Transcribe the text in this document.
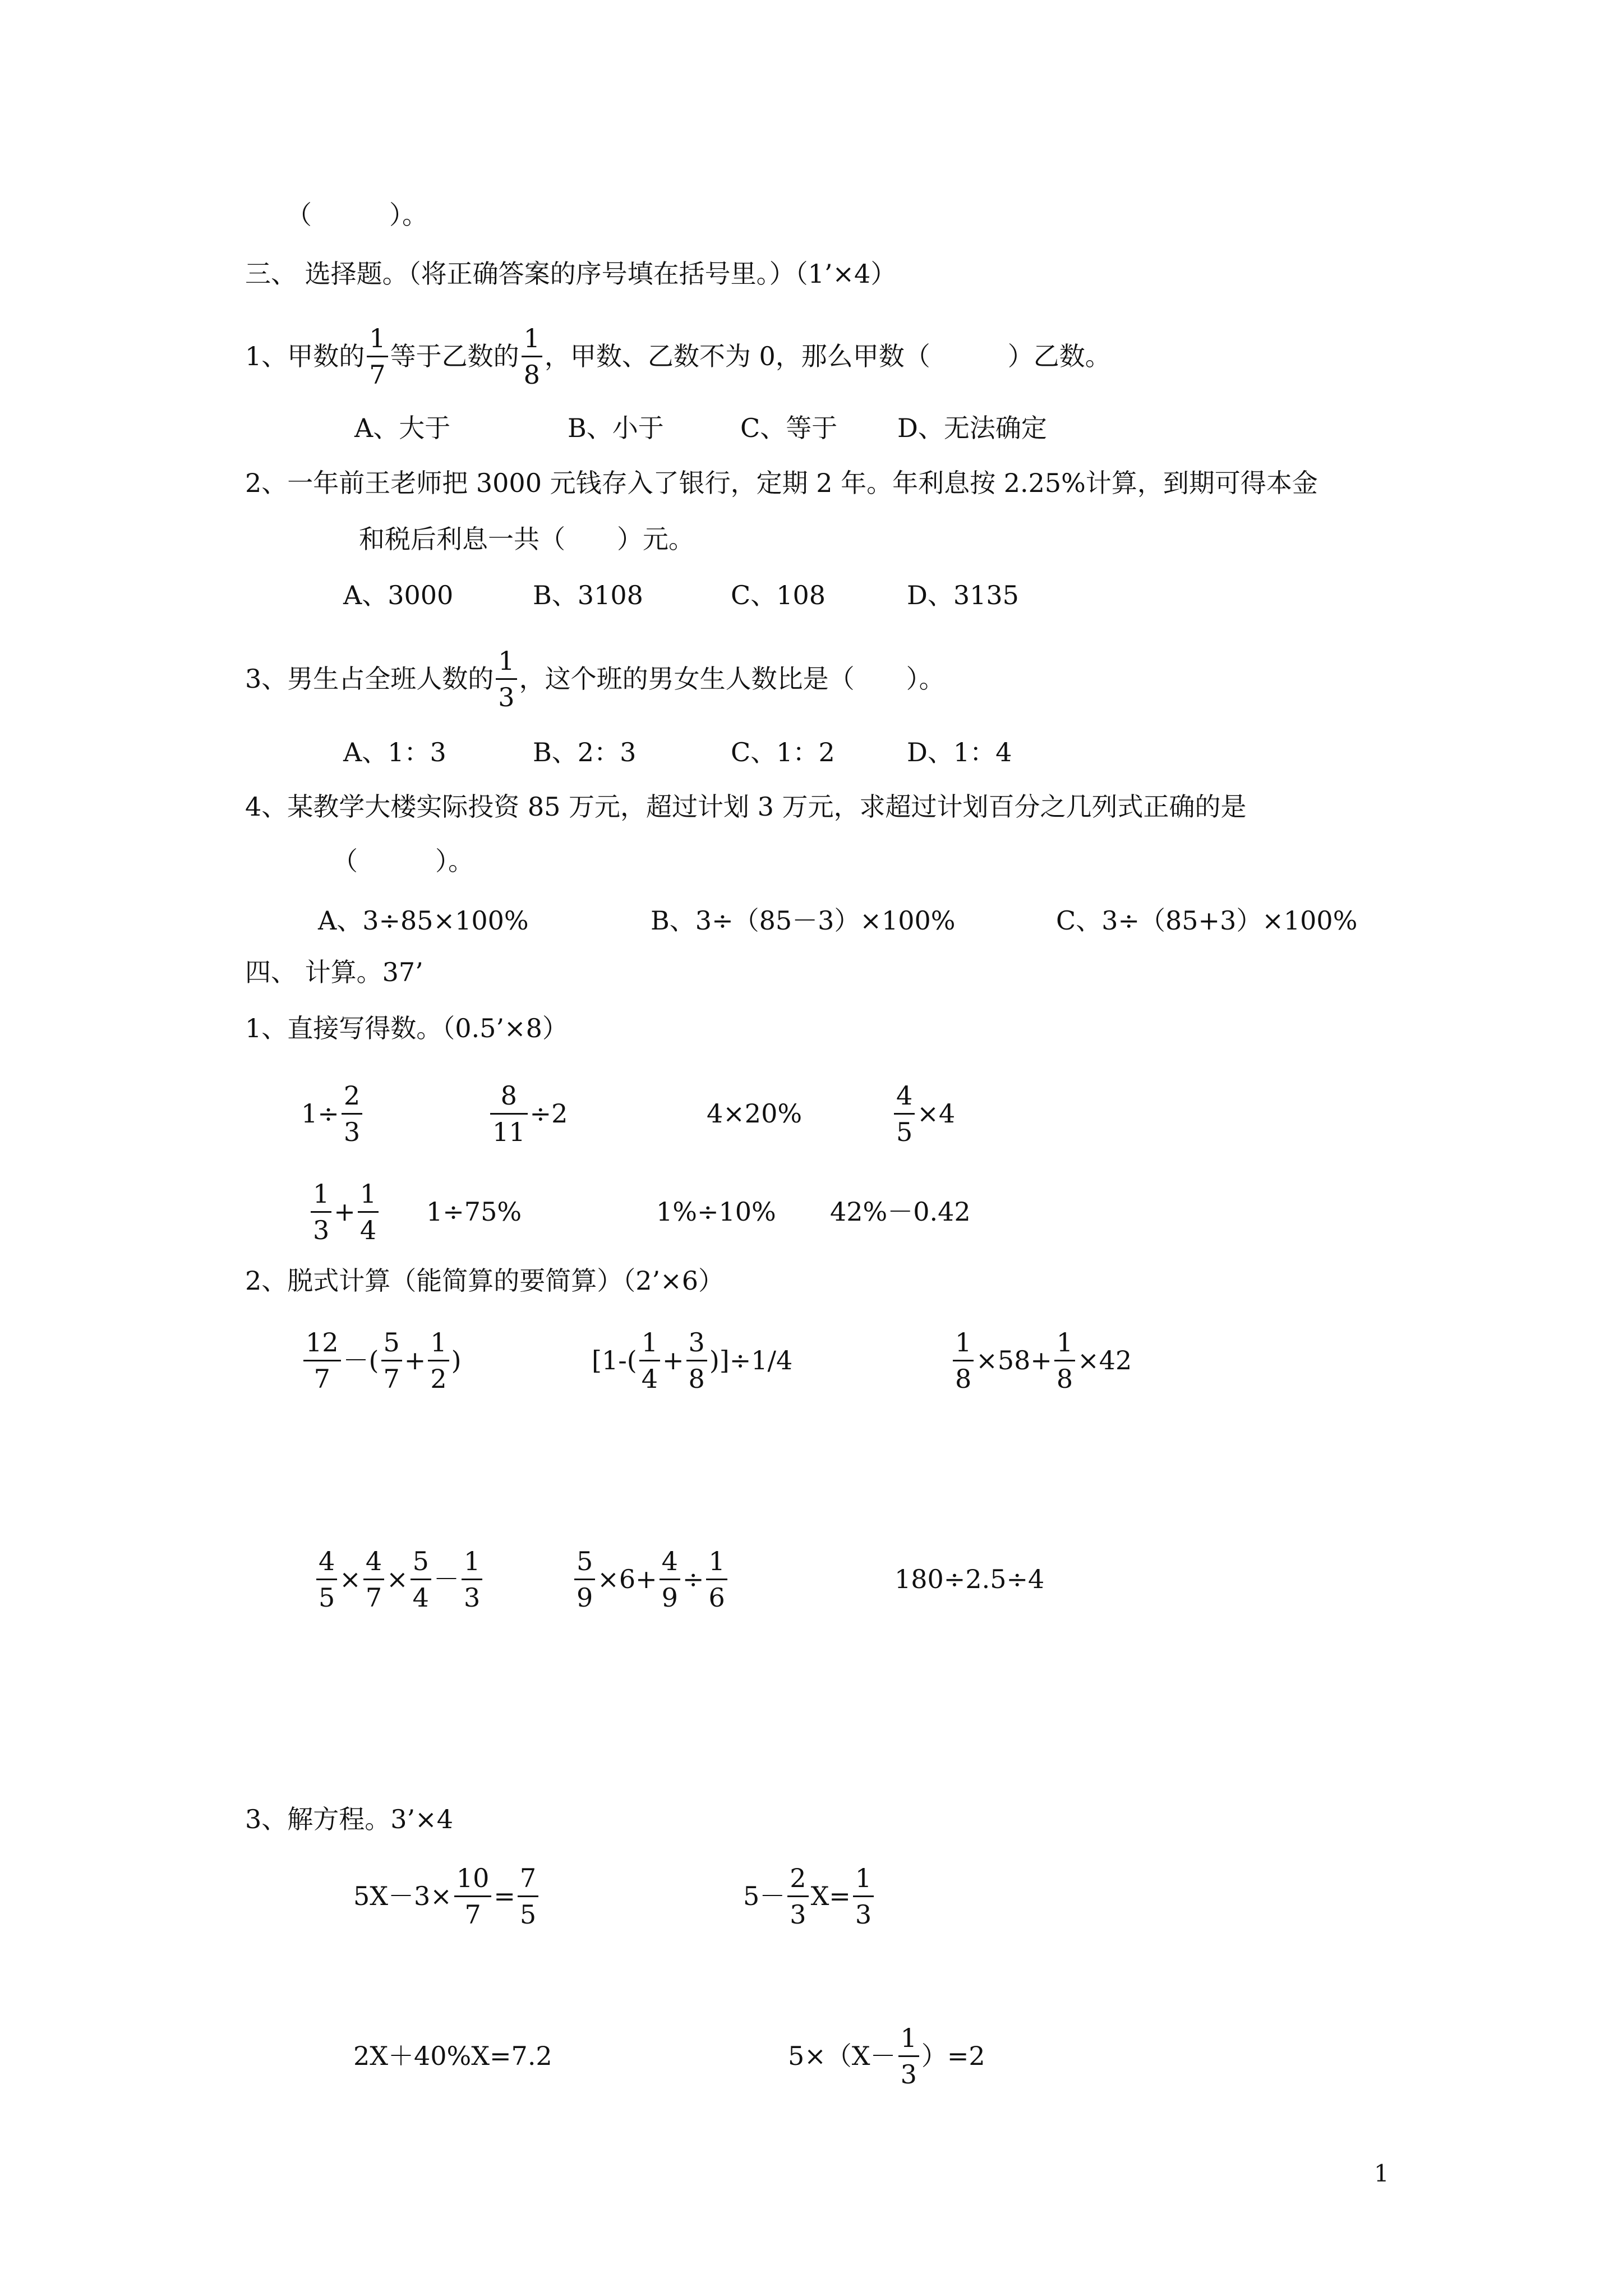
（　　　）。
三、 选择题。（将正确答案的序号填在括号里。）（1’×4）
1、甲数的 $\frac{1}{7}$ 等于乙数的 $\frac{1}{8}$ ，甲数、乙数不为 0，那么甲数（　　　）乙数。
A、大于	B、小于	C、等于 D、无法确定
2、一年前王老师把 3000 元钱存入了银行，定期 2 年。年利息按 2.25%计算，到期可得本金
和税后利息一共（　　）元。
A、3000	B、3108	C、108	D、3135
3、男生占全班人数的 $\frac{1}{3}$ ，这个班的男女生人数比是（　　）。
A、1：3	B、2：3	C、1：2	D、1：4
4、某教学大楼实际投资 85 万元，超过计划 3 万元，求超过计划百分之几列式正确的是
（　　　）。
A、3÷85×100%	B、3÷（85－3）×100%	C、3÷（85+3）×100%
四、 计算。37’
1、直接写得数。（0.5’×8）
$1\div \frac{2}{3}$	$\frac{8}{11} \div 2$	4×20%	$\frac{4}{5} \times 4$
$\frac{1}{3} + \frac{1}{4} 1\div 75\%$	1%÷10% 42%－0.42
2、脱式计算（能简算的要简算）（2’×6）
$\frac{12}{7}$ －( $\frac{5}{7} + \frac{1}{2}$ )	$[1-( \frac{1}{4} + \frac{3}{8} )]\div 1/4$	$\frac{1}{8} \times 58+ \frac{1}{8} \times 42$
$\frac{4}{5} \times \frac{4}{7} \times \frac{5}{4} - \frac{1}{3}$	$\frac{5}{9} \times 6+ \frac{4}{9} \div \frac{1}{6}$	180÷2.5÷4
3、解方程。3’×4
$5X-3\times \frac{10}{7} = \frac{7}{5}$	$5- \frac{2}{3} X= \frac{1}{3}$
2X＋40%X=7.2	$5\times(X- \frac{1}{3} )=2$
1
